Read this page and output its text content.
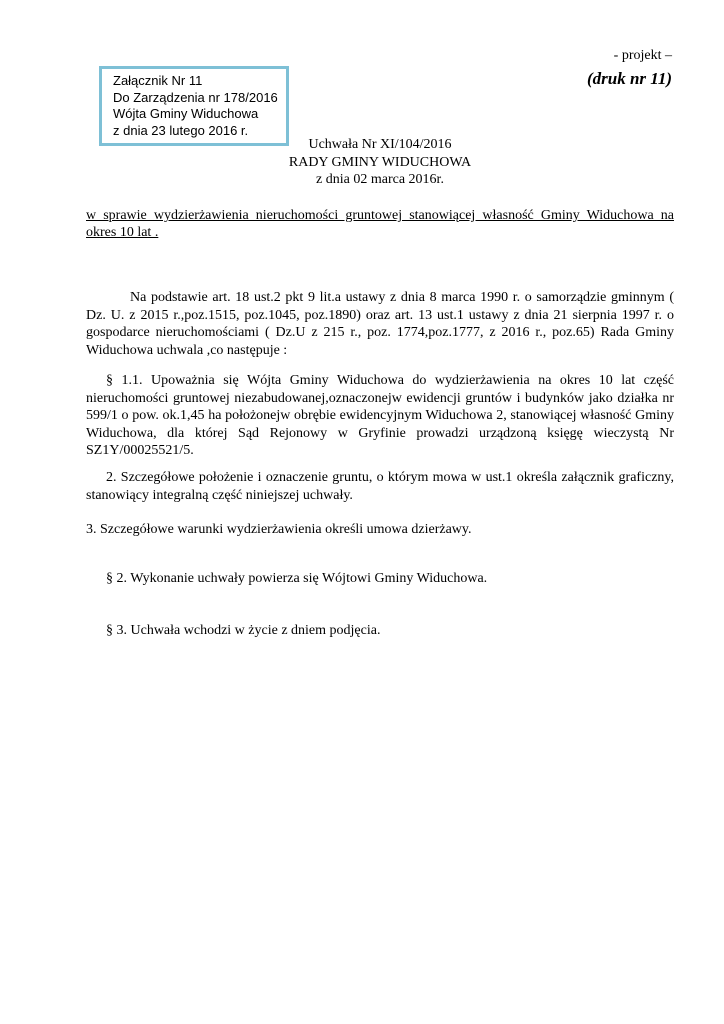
Załącznik Nr 11
Do Zarządzenia nr 178/2016
Wójta Gminy Widuchowa
z dnia 23 lutego 2016 r.
- projekt –
(druk nr 11)
Uchwała Nr XI/104/2016
RADY GMINY WIDUCHOWA
z dnia 02 marca 2016r.
w sprawie wydzierżawienia nieruchomości gruntowej stanowiącej własność Gminy Widuchowa na okres 10 lat .
Na podstawie art. 18 ust.2 pkt 9 lit.a ustawy z dnia 8 marca 1990 r. o samorządzie gminnym ( Dz. U. z 2015 r.,poz.1515, poz.1045, poz.1890) oraz art. 13 ust.1 ustawy z dnia 21 sierpnia 1997 r. o gospodarce nieruchomościami ( Dz.U z 215 r., poz. 1774,poz.1777, z 2016 r., poz.65) Rada Gminy Widuchowa uchwala ,co następuje :
§ 1.1. Upoważnia się Wójta Gminy Widuchowa do wydzierżawienia na okres 10 lat część nieruchomości gruntowej niezabudowanej,oznaczonejw ewidencji gruntów i budynków jako działka nr 599/1 o pow. ok.1,45 ha położonejw obrębie ewidencyjnym Widuchowa 2, stanowiącej własność Gminy Widuchowa, dla której Sąd Rejonowy w Gryfinie prowadzi urządzoną księgę wieczystą Nr SZ1Y/00025521/5.
2. Szczegółowe położenie i oznaczenie gruntu, o którym mowa w ust.1 określa załącznik graficzny, stanowiący integralną część niniejszej uchwały.
3. Szczegółowe warunki wydzierżawienia określi umowa dzierżawy.
§ 2. Wykonanie uchwały powierza się Wójtowi Gminy Widuchowa.
§ 3. Uchwała wchodzi w życie z dniem podjęcia.
